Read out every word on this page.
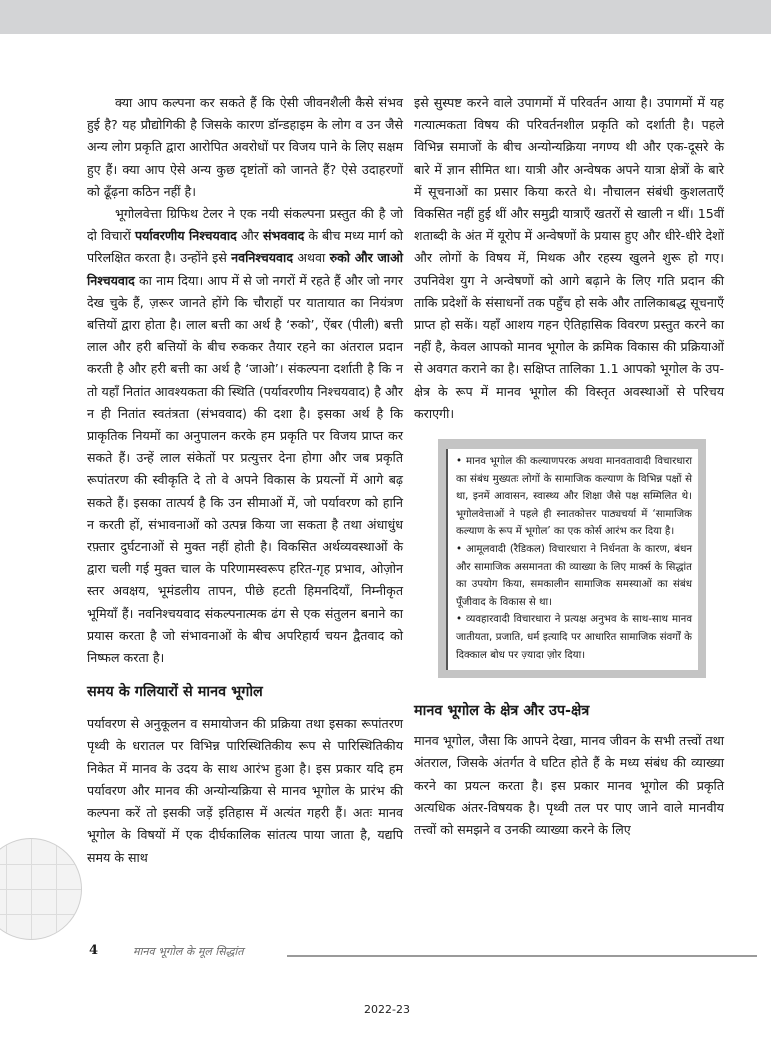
क्या आप कल्पना कर सकते हैं कि ऐसी जीवनशैली कैसे संभव हुई है? यह प्रौद्योगिकी है जिसके कारण डॉन्डहाइम के लोग व उन जैसे अन्य लोग प्रकृति द्वारा आरोपित अवरोधों पर विजय पाने के लिए सक्षम हुए हैं। क्या आप ऐसे अन्य कुछ दृष्टांतों को जानते हैं? ऐसे उदाहरणों को ढूँढ़ना कठिन नहीं है।

भूगोलवेत्ता ग्रिफिथ टेलर ने एक नयी संकल्पना प्रस्तुत की है जो दो विचारों पर्यावरणीय निश्चयवाद और संभववाद के बीच मध्य मार्ग को परिलक्षित करता है। उन्होंने इसे नवनिश्चयवाद अथवा रुको और जाओ निश्चयवाद का नाम दिया। आप में से जो नगरों में रहते हैं और जो नगर देख चुके हैं, ज़रूर जानते होंगे कि चौराहों पर यातायात का नियंत्रण बत्तियों द्वारा होता है। लाल बत्ती का अर्थ है ‘रुको’, ऐंबर (पीली) बत्ती लाल और हरी बत्तियों के बीच रुककर तैयार रहने का अंतराल प्रदान करती है और हरी बत्ती का अर्थ है ‘जाओ’। संकल्पना दर्शाती है कि न तो यहाँ नितांत आवश्यकता की स्थिति (पर्यावरणीय निश्चयवाद) है और न ही नितांत स्वतंत्रता (संभववाद) की दशा है। इसका अर्थ है कि प्राकृतिक नियमों का अनुपालन करके हम प्रकृति पर विजय प्राप्त कर सकते हैं। उन्हें लाल संकेतों पर प्रत्युत्तर देना होगा और जब प्रकृति रूपांतरण की स्वीकृति दे तो वे अपने विकास के प्रयत्नों में आगे बढ़ सकते हैं। इसका तात्पर्य है कि उन सीमाओं में, जो पर्यावरण को हानि न करती हों, संभावनाओं को उत्पन्न किया जा सकता है तथा अंधाधुंध रफ़्तार दुर्घटनाओं से मुक्त नहीं होती है। विकसित अर्थव्यवस्थाओं के द्वारा चली गई मुक्त चाल के परिणामस्वरूप हरित-गृह प्रभाव, ओज़ोन स्तर अवक्षय, भूमंडलीय तापन, पीछे हटती हिमनदियाँ, निम्नीकृत भूमियाँ हैं। नवनिश्चयवाद संकल्पनात्मक ढंग से एक संतुलन बनाने का प्रयास करता है जो संभावनाओं के बीच अपरिहार्य चयन द्वैतवाद को निष्फल करता है।

समय के गलियारों से मानव भूगोल

पर्यावरण से अनुकूलन व समायोजन की प्रक्रिया तथा इसका रूपांतरण पृथ्वी के धरातल पर विभिन्न पारिस्थितिकीय रूप से पारिस्थितिकीय निकेत में मानव के उदय के साथ आरंभ हुआ है। इस प्रकार यदि हम पर्यावरण और मानव की अन्योन्यक्रिया से मानव भूगोल के प्रारंभ की कल्पना करें तो इसकी जड़ें इतिहास में अत्यंत गहरी हैं। अतः मानव भूगोल के विषयों में एक दीर्घकालिक सांतत्य पाया जाता है, यद्यपि समय के साथ

इसे सुस्पष्ट करने वाले उपागमों में परिवर्तन आया है। उपागमों में यह गत्यात्मकता विषय की परिवर्तनशील प्रकृति को दर्शाती है। पहले विभिन्न समाजों के बीच अन्योन्यक्रिया नगण्य थी और एक-दूसरे के बारे में ज्ञान सीमित था। यात्री और अन्वेषक अपने यात्रा क्षेत्रों के बारे में सूचनाओं का प्रसार किया करते थे। नौचालन संबंधी कुशलताएँ विकसित नहीं हुई थीं और समुद्री यात्राएँ खतरों से खाली न थीं। 15वीं शताब्दी के अंत में यूरोप में अन्वेषणों के प्रयास हुए और धीरे-धीरे देशों और लोगों के विषय में, मिथक और रहस्य खुलने शुरू हो गए। उपनिवेश युग ने अन्वेषणों को आगे बढ़ाने के लिए गति प्रदान की ताकि प्रदेशों के संसाधनों तक पहुँच हो सके और तालिकाबद्ध सूचनाएँ प्राप्त हो सकें। यहाँ आशय गहन ऐतिहासिक विवरण प्रस्तुत करने का नहीं है, केवल आपको मानव भूगोल के क्रमिक विकास की प्रक्रियाओं से अवगत कराने का है। सक्षिप्त तालिका 1.1 आपको भूगोल के उप-क्षेत्र के रूप में मानव भूगोल की विस्तृत अवस्थाओं से परिचय कराएगी।

• मानव भूगोल की कल्याणपरक अथवा मानवतावादी विचारधारा का संबंध मुख्यतः लोगों के सामाजिक कल्याण के विभिन्न पक्षों से था, इनमें आवासन, स्वास्थ्य और शिक्षा जैसे पक्ष सम्मिलित थे। भूगोलवेत्ताओं ने पहले ही स्नातकोत्तर पाठ्यचर्या में ‘सामाजिक कल्याण के रूप में भूगोल’ का एक कोर्स आरंभ कर दिया है।

• आमूलवादी (रैडिकल) विचारधारा ने निर्धनता के कारण, बंधन और सामाजिक असमानता की व्याख्या के लिए मार्क्स के सिद्धांत का उपयोग किया, समकालीन सामाजिक समस्याओं का संबंध पूँजीवाद के विकास से था।

• व्यवहारवादी विचारधारा ने प्रत्यक्ष अनुभव के साथ-साथ मानव जातीयता, प्रजाति, धर्म इत्यादि पर आधारित सामाजिक संवर्गों के दिक्काल बोध पर ज़्यादा ज़ोर दिया।

मानव भूगोल के क्षेत्र और उप-क्षेत्र

मानव भूगोल, जैसा कि आपने देखा, मानव जीवन के सभी तत्त्वों तथा अंतराल, जिसके अंतर्गत वे घटित होते हैं के मध्य संबंध की व्याख्या करने का प्रयत्न करता है। इस प्रकार मानव भूगोल की प्रकृति अत्यधिक अंतर-विषयक है। पृथ्वी तल पर पाए जाने वाले मानवीय तत्त्वों को समझने व उनकी व्याख्या करने के लिए

4	मानव भूगोल के मूल सिद्धांत
2022-23
